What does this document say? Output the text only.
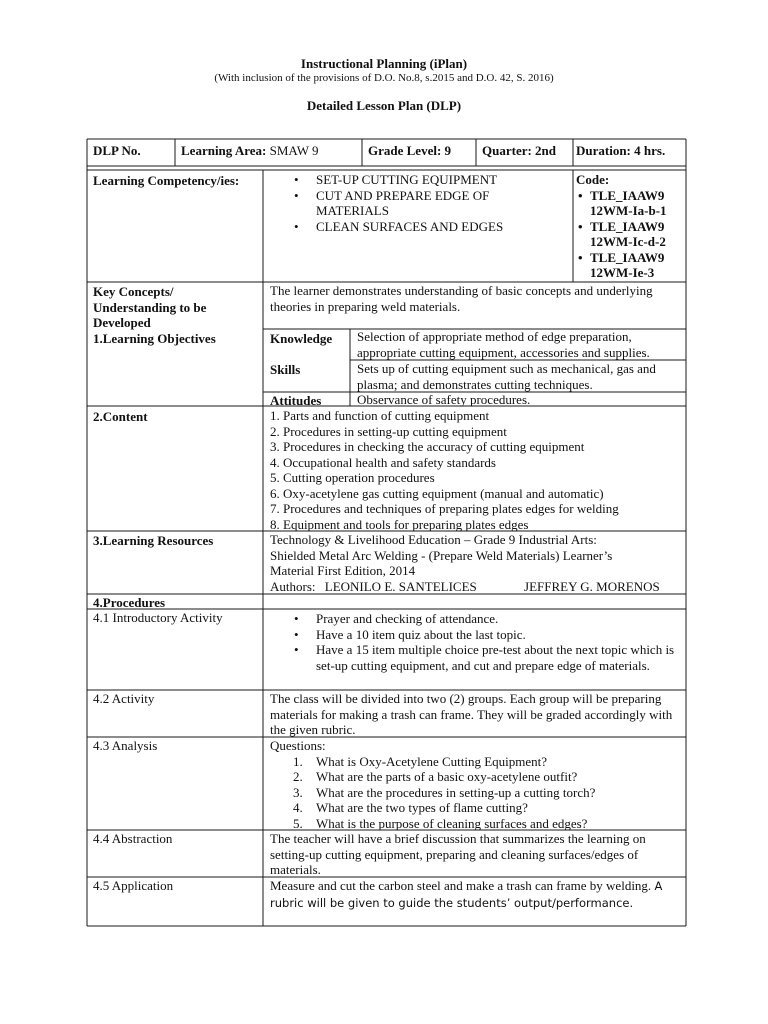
Instructional Planning (iPlan)
(With inclusion of the provisions of D.O. No.8, s.2015 and D.O. 42, S. 2016)
Detailed Lesson Plan (DLP)
DLP No.	Learning Area: SMAW 9	Grade Level: 9 Quarter: 2nd Duration: 4 hrs.
Learning Competency/ies:	• SET-UP CUTTING EQUIPMENT
• CUT AND PREPARE EDGE OF MATERIALS
• CLEAN SURFACES AND EDGES
Code:
• TLE_IAAW9 12WM-Ia-b-1
• TLE_IAAW9 12WM-Ic-d-2
• TLE_IAAW9 12WM-Ie-3
Key Concepts/ Understanding to be Developed
The learner demonstrates understanding of basic concepts and underlying theories in preparing weld materials.
1.Learning Objectives	Knowledge Selection of appropriate method of edge preparation, appropriate cutting equipment, accessories and supplies.
Skills	Sets up of cutting equipment such as mechanical, gas and plasma; and demonstrates cutting techniques.
Attitudes	Observance of safety procedures.
2.Content	1. Parts and function of cutting equipment
2. Procedures in setting-up cutting equipment
3. Procedures in checking the accuracy of cutting equipment
4. Occupational health and safety standards
5. Cutting operation procedures
6. Oxy-acetylene gas cutting equipment (manual and automatic)
7. Procedures and techniques of preparing plates edges for welding
8. Equipment and tools for preparing plates edges
3.Learning Resources	Technology & Livelihood Education – Grade 9 Industrial Arts:
Shielded Metal Arc Welding - (Prepare Weld Materials) Learner’s
Material First Edition, 2014
Authors: LEONILO E. SANTELICES	JEFFREY G. MORENOS
4.Procedures
4.1 Introductory Activity	• Prayer and checking of attendance.
• Have a 10 item quiz about the last topic.
• Have a 15 item multiple choice pre-test about the next topic which is set-up cutting equipment, and cut and prepare edge of materials.
4.2 Activity	The class will be divided into two (2) groups. Each group will be preparing materials for making a trash can frame. They will be graded accordingly with the given rubric.
4.3 Analysis	Questions:
1. What is Oxy-Acetylene Cutting Equipment?
2. What are the parts of a basic oxy-acetylene outfit?
3. What are the procedures in setting-up a cutting torch?
4. What are the two types of flame cutting?
5. What is the purpose of cleaning surfaces and edges?
4.4 Abstraction	The teacher will have a brief discussion that summarizes the learning on setting-up cutting equipment, preparing and cleaning surfaces/edges of materials.
4.5 Application	Measure and cut the carbon steel and make a trash can frame by welding. A rubric will be given to guide the students’ output/performance.
